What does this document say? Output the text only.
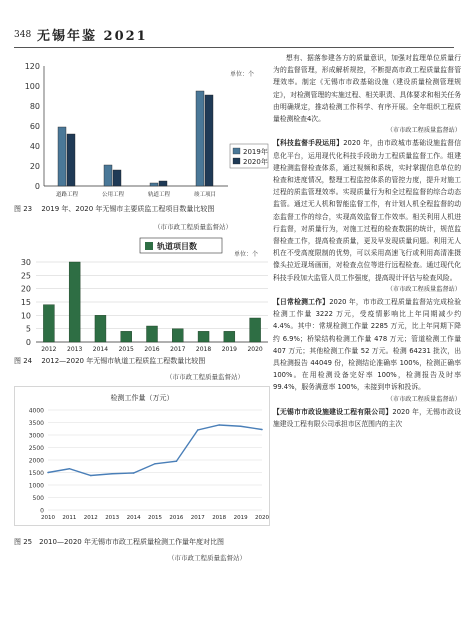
348 无锡年鉴 2021
0
20
40
60
80
100
120
道路工程	公用工程	轨道工程	竣工项目
单位：个
2019年
2020年
图 23　 2019 年、2020 年无锡市主要质监工程项目数量比较图
（市市政工程质量监督站）
0
5
10
15
20
25
30
2012 2013 2014 2015 2016 2017 2018 2019 2020
轨道项目数
单位：个
图 24　 2012—2020 年无锡市轨道工程质监工程数量比较图
（市市政工程质量监督站）
检测工作量（万元）
0
500
1000
1500
2000
2500
3000
3500
4000
2010 2011 2012 2013 2014 2015 2016 2017 2018 2019 2020
图 25　2010—2020 年无锡市市政工程质量检测工作量年度对比图
（市市政工程质量监督站）

想有、据落参建各方的质量意识，加强对监理单位质量行为的监督管理，形成解析规控，不断提高市政工程质量监督管理效率。制定《无锡市市政基础设施（建设质量检测管理规定》，对检测管理的实施过程、相关职责、具体要求和相关任务由明确规定，推动检测工作科学、有序开展。全年组织工程质量检测检查4次。

（市市政工程质量监督站）

【科技监督手段运用】2020 年，由市政城市基础设施监督信息化平台，运用现代化科技手段助力工程质量监督工作。组建建检测监督检查体系，通过视频和系统，实时掌握信息单位的检查和进度情况，整理工程监控体系的管控力度，提升对施工过程的质监管理效率。实现质量行为和全过程监督的综合动态监管。通过无人机和智能监督工作，有计划人机全程监督的动态监督工作的综合，实现高效监督工作效率。相关利用人机进行监督，对质量行为，对施工过程的检查数据的统计，规范监督检查工作，提高检查质量，更及早发现质量问题。利用无人机在不受高度限制的优势，可以采用高速飞行或利用高清准摄像头拉近现场画面，对检查点位等进行远程检查。通过现代化科技手段加大监管人员工作强度，提高现计评估与检查风险。

（市市政工程质量监督站）

【日常检测工作】2020 年，市市政工程质量监督站完成检验检测工作量 3222 万元，受疫情影响比上年同期减少约 4.4%。其中：常规检测工作量 2285 万元，比上年同期下降约 6.9%；桥梁结构检测工作量 478 万元；管道检测工作量 407 万元；其他检测工作量 52 万元。检测 64231 批次，出具检测报告 44049 份，检测结论准确率 100%，检测正确率 100%。在用检测设备完好率 100%，检测报告及时率 99.4%，服务满意率 100%，未接到申诉和投诉。

（市市政工程质量监督站）

【无锡市市政设施建设工程有限公司】2020 年，无锡市政设施建设工程有限公司承担市区范围内的主次
